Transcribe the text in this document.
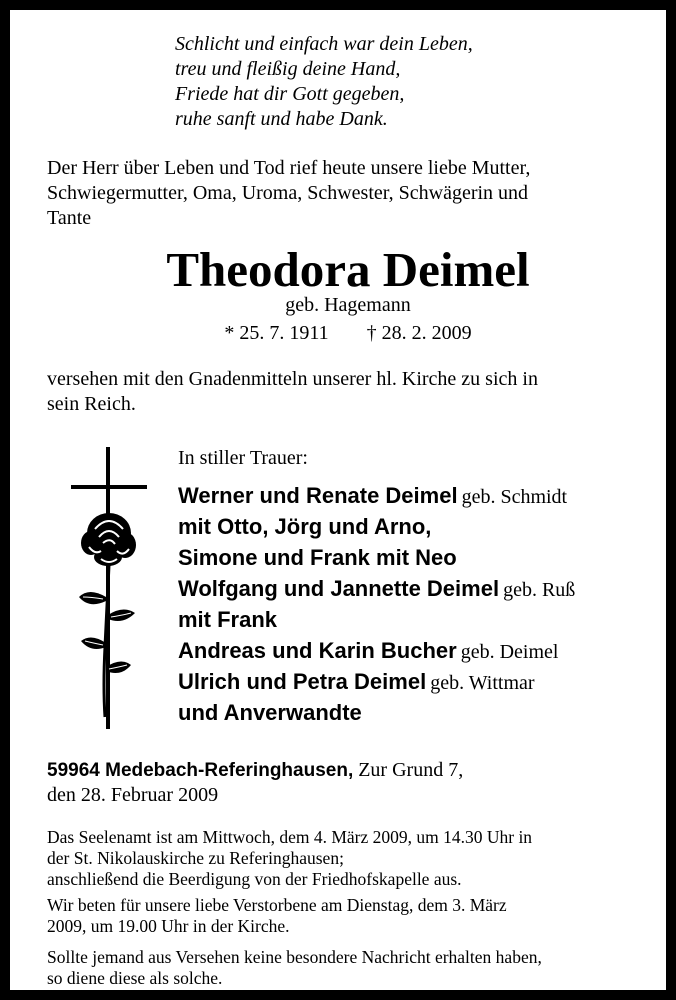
Schlicht und einfach war dein Leben,
treu und fleißig deine Hand,
Friede hat dir Gott gegeben,
ruhe sanft und habe Dank.
Der Herr über Leben und Tod rief heute unsere liebe Mutter,
Schwiegermutter, Oma, Uroma, Schwester, Schwägerin und
Tante
Theodora Deimel
geb. Hagemann
* 25. 7. 1911 † 28. 2. 2009
versehen mit den Gnadenmitteln unserer hl. Kirche zu sich in
sein Reich.
In stiller Trauer:
Werner und Renate Deimel geb. Schmidt
mit Otto, Jörg und Arno,
Simone und Frank mit Neo
Wolfgang und Jannette Deimel geb. Ruß
mit Frank
Andreas und Karin Bucher geb. Deimel
Ulrich und Petra Deimel geb. Wittmar
und Anverwandte
59964 Medebach-Referinghausen, Zur Grund 7,
den 28. Februar 2009
Das Seelenamt ist am Mittwoch, dem 4. März 2009, um 14.30 Uhr in
der St. Nikolauskirche zu Referinghausen;
anschließend die Beerdigung von der Friedhofskapelle aus.
Wir beten für unsere liebe Verstorbene am Dienstag, dem 3. März
2009, um 19.00 Uhr in der Kirche.
Sollte jemand aus Versehen keine besondere Nachricht erhalten haben,
so diene diese als solche.
